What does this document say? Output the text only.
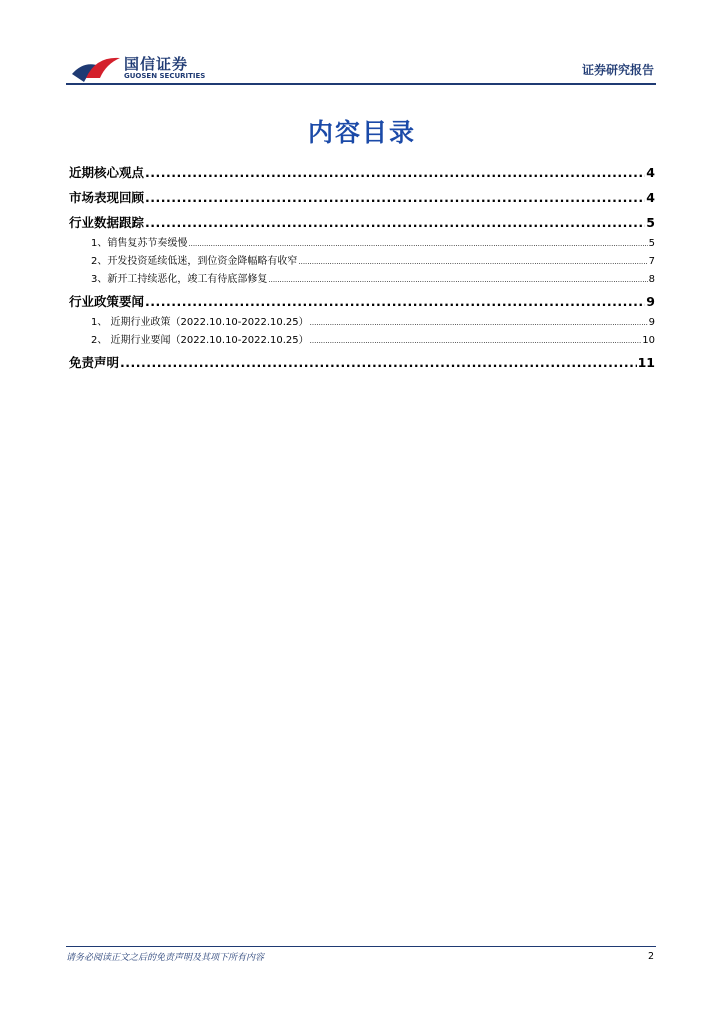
国信证券
GUOSEN SECURITIES	证券研究报告
内容目录
近期核心观点 .....	4
市场表现回顾 .....	4
行业数据跟踪 .....	5
1、销售复苏节奏缓慢 .....	5
2、开发投资延续低迷，到位资金降幅略有收窄 .....	7
3、新开工持续恶化，竣工有待底部修复 .....	8
行业政策要闻 .....	9
1、 近期行业政策（2022.10.10-2022.10.25） .....	9
2、 近期行业要闻（2022.10.10-2022.10.25） .....	10
免责声明 .....	11
请务必阅读正文之后的免责声明及其项下所有内容	2
